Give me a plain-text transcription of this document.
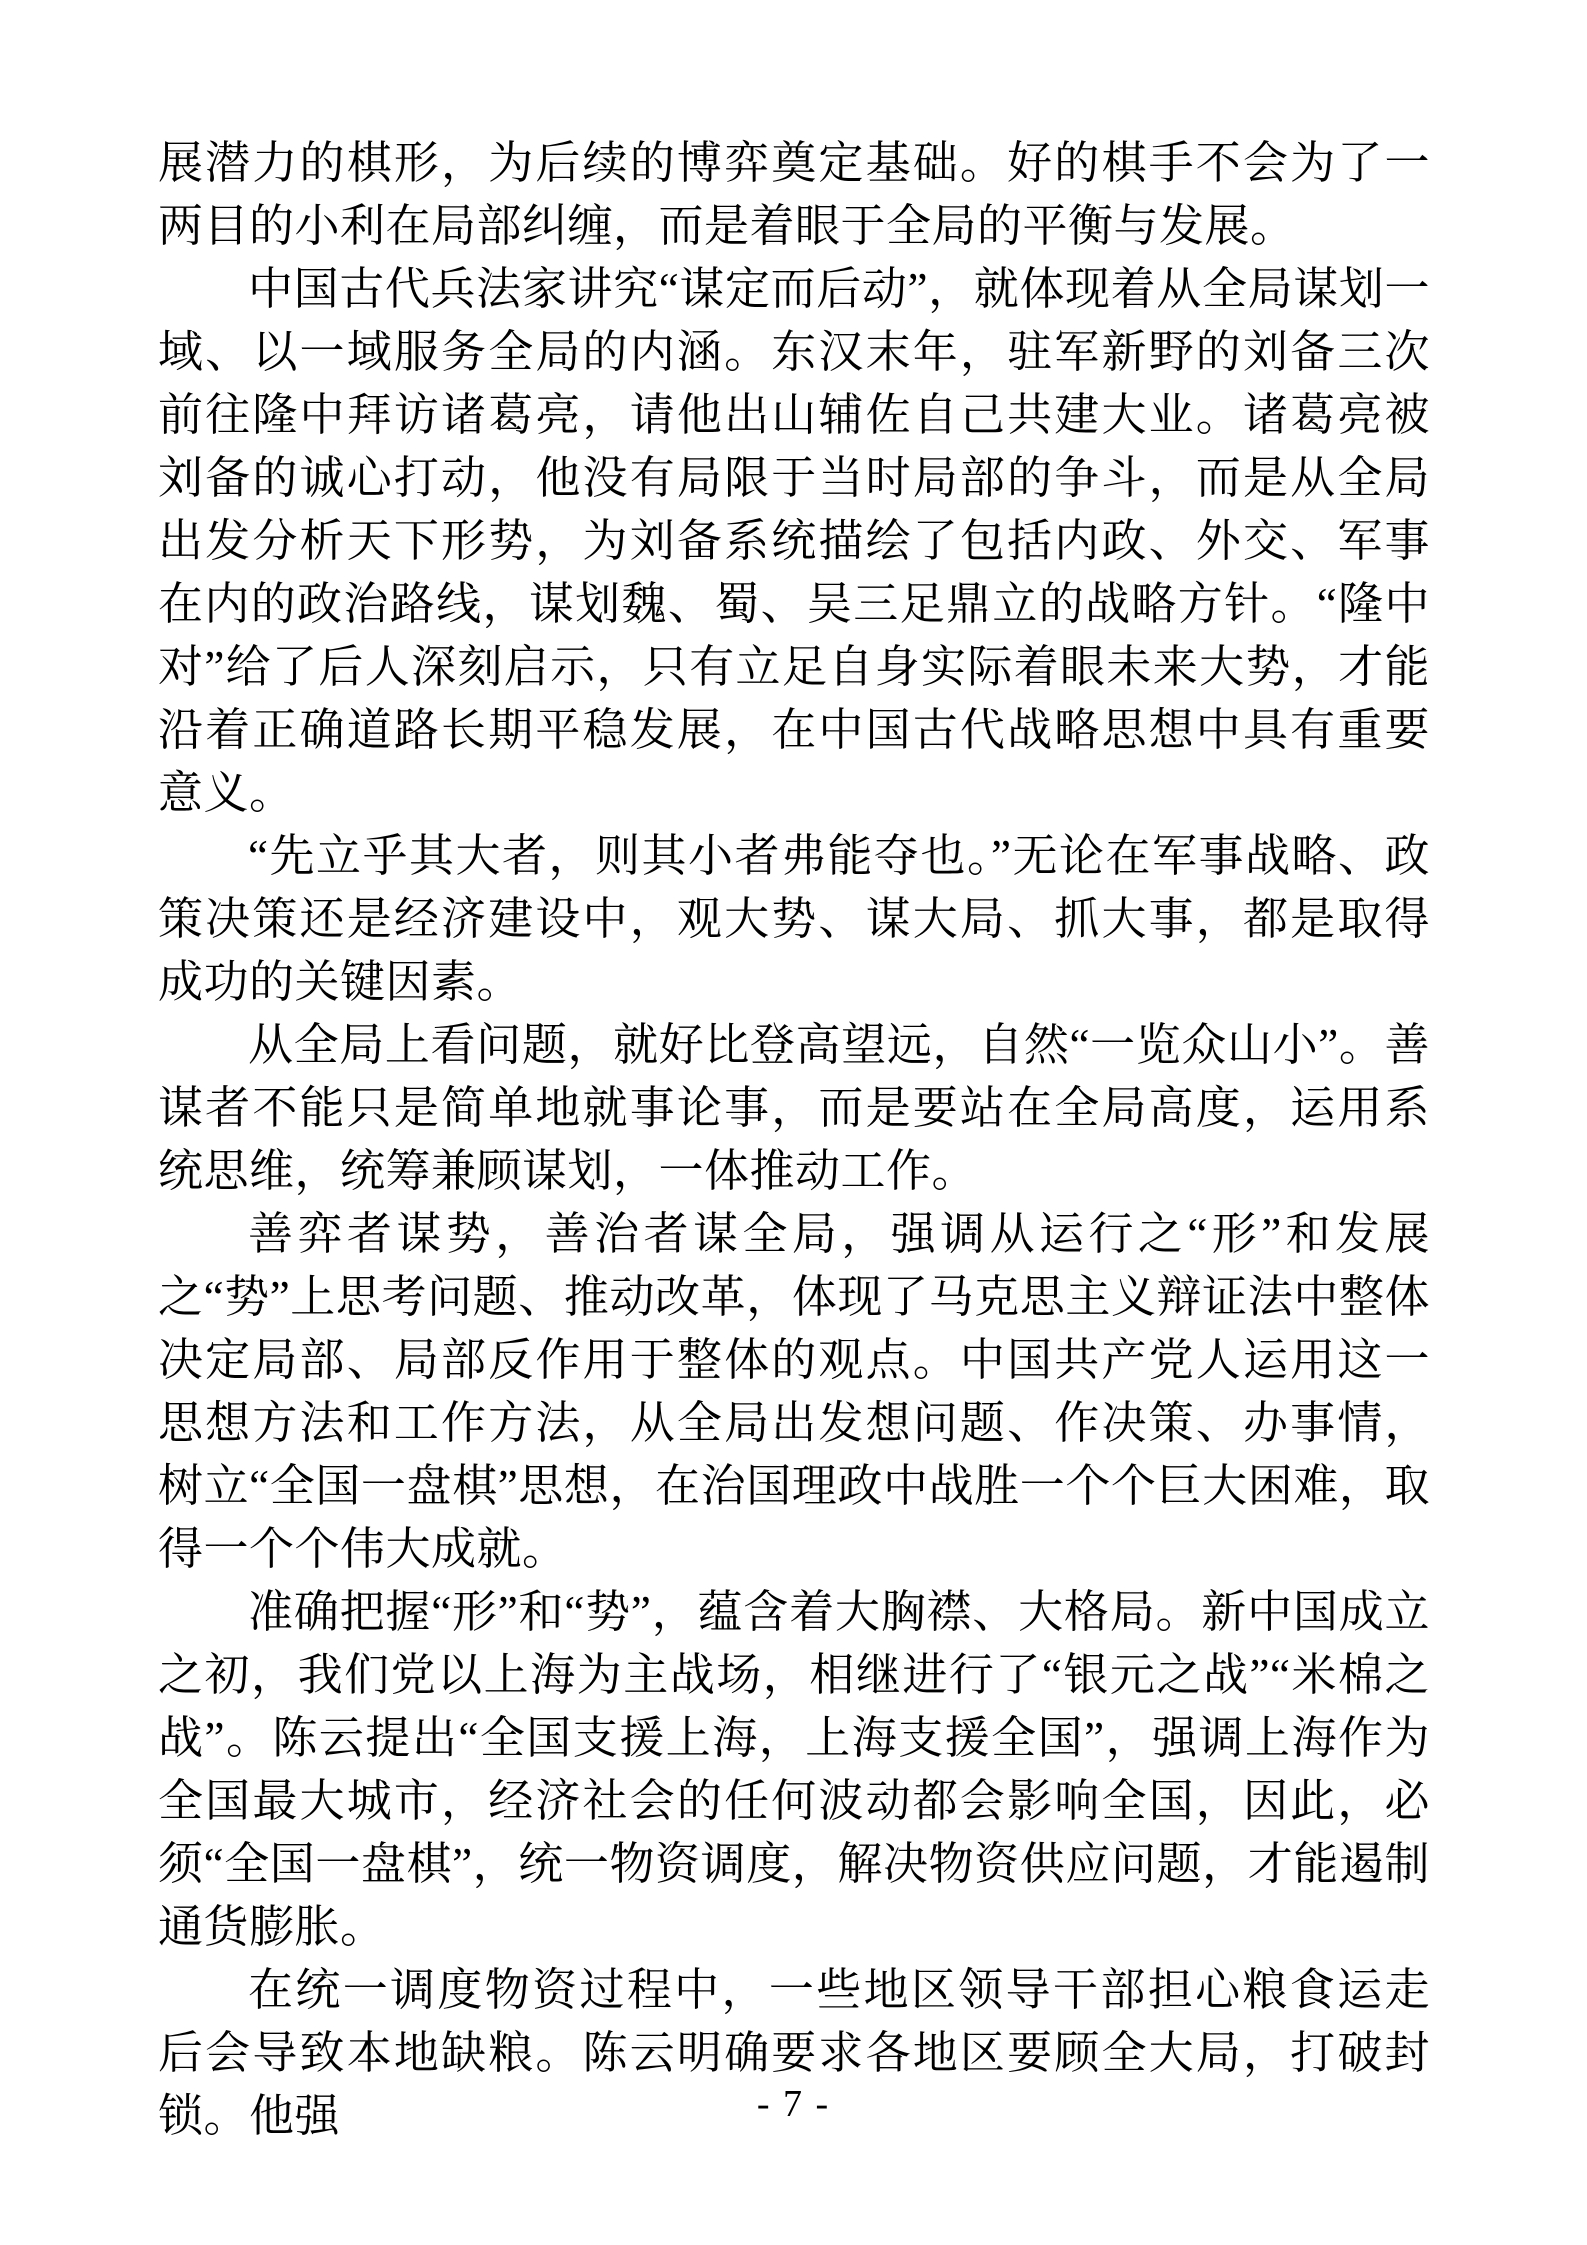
展潜力的棋形，为后续的博弈奠定基础。好的棋手不会为了一两目的小利在局部纠缠，而是着眼于全局的平衡与发展。

中国古代兵法家讲究“谋定而后动”，就体现着从全局谋划一域、以一域服务全局的内涵。东汉末年，驻军新野的刘备三次前往隆中拜访诸葛亮，请他出山辅佐自己共建大业。诸葛亮被刘备的诚心打动，他没有局限于当时局部的争斗，而是从全局出发分析天下形势，为刘备系统描绘了包括内政、外交、军事在内的政治路线，谋划魏、蜀、吴三足鼎立的战略方针。“隆中对”给了后人深刻启示，只有立足自身实际着眼未来大势，才能沿着正确道路长期平稳发展，在中国古代战略思想中具有重要意义。

“先立乎其大者，则其小者弗能夺也。”无论在军事战略、政策决策还是经济建设中，观大势、谋大局、抓大事，都是取得成功的关键因素。

从全局上看问题，就好比登高望远，自然“一览众山小”。善谋者不能只是简单地就事论事，而是要站在全局高度，运用系统思维，统筹兼顾谋划，一体推动工作。

善弈者谋势，善治者谋全局，强调从运行之“形”和发展之“势”上思考问题、推动改革，体现了马克思主义辩证法中整体决定局部、局部反作用于整体的观点。中国共产党人运用这一思想方法和工作方法，从全局出发想问题、作决策、办事情，树立“全国一盘棋”思想，在治国理政中战胜一个个巨大困难，取得一个个伟大成就。

准确把握“形”和“势”，蕴含着大胸襟、大格局。新中国成立之初，我们党以上海为主战场，相继进行了“银元之战”“米棉之战”。陈云提出“全国支援上海，上海支援全国”，强调上海作为全国最大城市，经济社会的任何波动都会影响全国，因此，必须“全国一盘棋”，统一物资调度，解决物资供应问题，才能遏制通货膨胀。

在统一调度物资过程中，一些地区领导干部担心粮食运走后会导致本地缺粮。陈云明确要求各地区要顾全大局，打破封锁。他强	- 7 -
